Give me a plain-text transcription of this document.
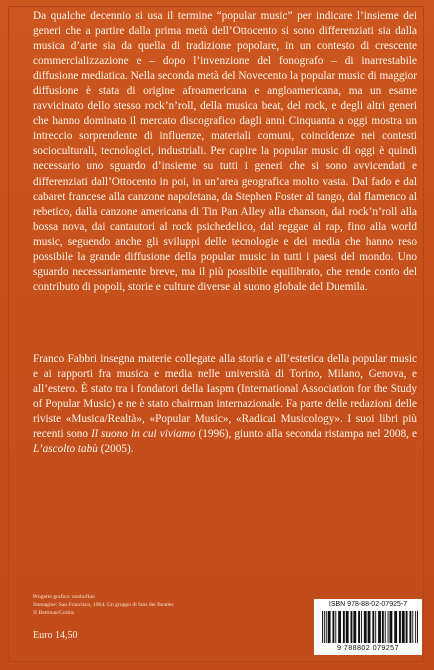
Da qualche decennio si usa il termine “popular music” per indicare l’insieme dei generi che a partire dalla prima metà dell’Ottocento si sono differenziati sia dalla musica d’arte sia da quella di tradizione popolare, in un contesto di crescente commercializzazione e – dopo l’invenzione del fonografo – di inarrestabile diffusione mediatica. Nella seconda metà del Novecento la popular music di maggior diffusione è stata di origine afroamericana e angloamericana, ma un esame ravvicinato dello stesso rock’n’roll, della musica beat, del rock, e degli altri generi che hanno dominato il mercato discografico dagli anni Cinquanta a oggi mostra un intreccio sorprendente di influenze, materiali comuni, coincidenze nei contesti socioculturali, tecnologici, industriali. Per capire la popular music di oggi è quindi necessario uno sguardo d’insieme su tutti i generi che si sono avvicendati e differenziati dall’Ottocento in poi, in un’area geografica molto vasta. Dal fado e dal cabaret francese alla canzone napoletana, da Stephen Foster al tango, dal flamenco al rebetico, dalla canzone americana di Tin Pan Alley alla chanson, dal rock’n’roll alla bossa nova, dai cantautori al rock psichedelico, dal reggae al rap, fino alla world music, seguendo anche gli sviluppi delle tecnologie e dei media che hanno reso possibile la grande diffusione della popular music in tutti i paesi del mondo. Uno sguardo necessariamente breve, ma il più possibile equilibrato, che rende conto del contributo di popoli, storie e culture diverse al suono globale del Duemila.

Franco Fabbri insegna materie collegate alla storia e all’estetica della popular music e ai rapporti fra musica e media nelle università di Torino, Milano, Genova, e all’estero. È stato tra i fondatori della Iaspm (International Association for the Study of Popular Music) e ne è stato chairman internazionale. Fa parte delle redazioni delle riviste «Musica/Realtà», «Popular Music», «Radical Musicology». I suoi libri più recenti sono Il suono in cui viviamo (1996), giunto alla seconda ristampa nel 2008, e L’ascolto tabù (2005).

Progetto grafico: studiofluo
Immagine: San Francisco, 1964. Un gruppo di fans dei Beatles
© Bettman/Corbis
Euro 14,50
ISBN 978-88-02-07925-7
9 788802 079257
